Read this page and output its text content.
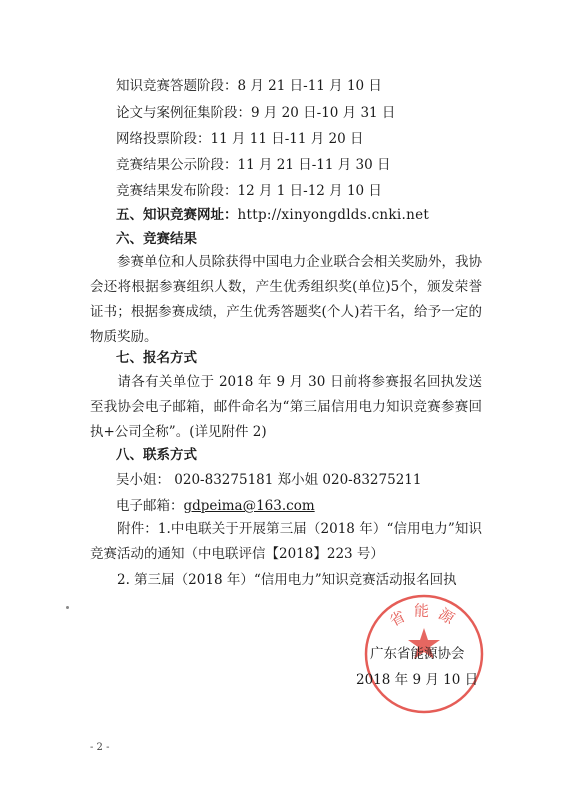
知识竞赛答题阶段：8 月 21 日-11 月 10 日
论文与案例征集阶段：9 月 20 日-10 月 31 日
网络投票阶段：11 月 11 日-11 月 20 日
竞赛结果公示阶段：11 月 21 日-11 月 30 日
竞赛结果发布阶段：12 月 1 日-12 月 10 日
五、知识竞赛网址：http://xinyongdlds.cnki.net
六、竞赛结果
参赛单位和人员除获得中国电力企业联合会相关奖励外，我协会还将根据参赛组织人数，产生优秀组织奖(单位)5个，颁发荣誉证书；根据参赛成绩，产生优秀答题奖(个人)若干名，给予一定的物质奖励。
七、报名方式
请各有关单位于 2018 年 9 月 30 日前将参赛报名回执发送至我协会电子邮箱，邮件命名为“第三届信用电力知识竞赛参赛回执+公司全称”。(详见附件 2)
八、联系方式
吴小姐： 020-83275181 郑小姐 020-83275211
电子邮箱：gdpeima@163.com
附件：1.中电联关于开展第三届（2018 年）“信用电力”知识竞赛活动的通知（中电联评信【2018】223 号）
2. 第三届（2018 年）“信用电力”知识竞赛活动报名回执
省能源
广东省能源协会
2018 年 9 月 10 日
- 2 -
